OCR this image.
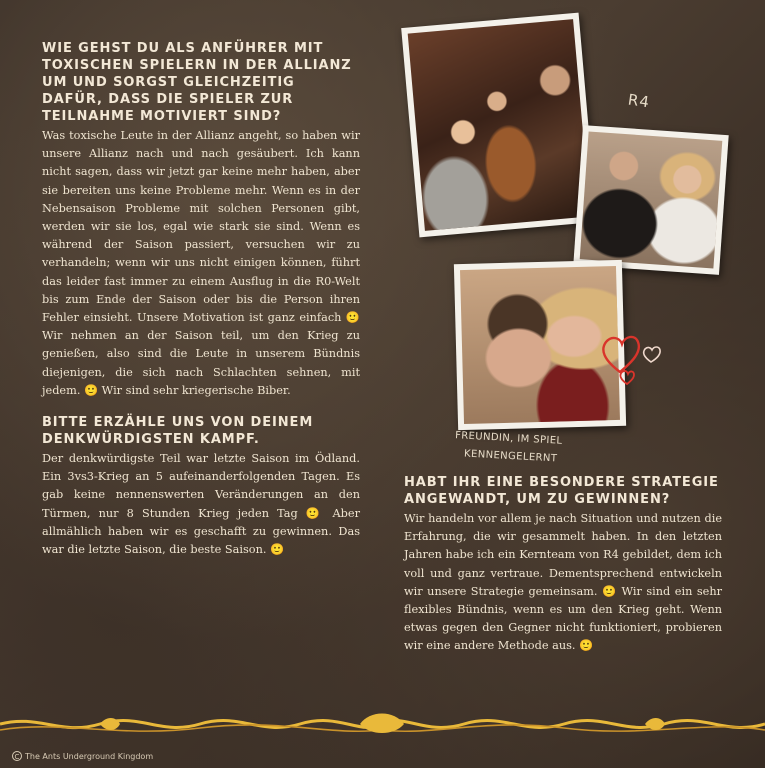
WIE GEHST DU ALS ANFÜHRER MIT TOXISCHEN SPIELERN IN DER ALLIANZ UM UND SORGST GLEICHZEITIG DAFÜR, DASS DIE SPIELER ZUR TEILNAHME MOTIVIERT SIND?

Was toxische Leute in der Allianz angeht, so haben wir unsere Allianz nach und nach gesäubert. Ich kann nicht sagen, dass wir jetzt gar keine mehr haben, aber sie bereiten uns keine Probleme mehr. Wenn es in der Nebensaison Probleme mit solchen Personen gibt, werden wir sie los, egal wie stark sie sind. Wenn es während der Saison passiert, versuchen wir zu verhandeln; wenn wir uns nicht einigen können, führt das leider fast immer zu einem Ausflug in die R0-Welt bis zum Ende der Saison oder bis die Person ihren Fehler einsieht. Unsere Motivation ist ganz einfach 🙂 Wir nehmen an der Saison teil, um den Krieg zu genießen, also sind die Leute in unserem Bündnis diejenigen, die sich nach Schlachten sehnen, mit jedem. 🙂 Wir sind sehr kriegerische Biber.

BITTE ERZÄHLE UNS VON DEINEM DENKWÜRDIGSTEN KAMPF.

Der denkwürdigste Teil war letzte Saison im Ödland. Ein 3vs3-Krieg an 5 aufeinanderfolgenden Tagen. Es gab keine nennenswerten Veränderungen an den Türmen, nur 8 Stunden Krieg jeden Tag 🙂 Aber allmählich haben wir es geschafft zu gewinnen. Das war die letzte Saison, die beste Saison. 🙂

R4
FREUNDIN, IM SPIEL
KENNENGELERNT
HABT IHR EINE BESONDERE STRATEGIE ANGEWANDT, UM ZU GEWINNEN?

Wir handeln vor allem je nach Situation und nutzen die Erfahrung, die wir gesammelt haben. In den letzten Jahren habe ich ein Kernteam von R4 gebildet, dem ich voll und ganz vertraue. Dementsprechend entwickeln wir unsere Strategie gemeinsam. 🙂 Wir sind ein sehr flexibles Bündnis, wenn es um den Krieg geht. Wenn etwas gegen den Gegner nicht funktioniert, probieren wir eine andere Methode aus. 🙂

C The Ants Underground Kingdom
